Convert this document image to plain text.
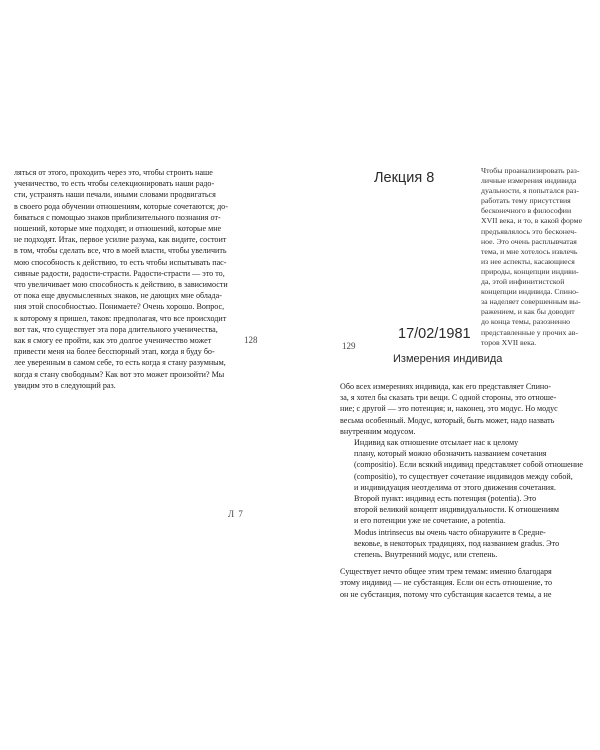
ляться от этого, проходить через это, чтобы строить наше
ученичество, то есть чтобы селекционировать наши радо-
сти, устранять наши печали, иными словами продвигаться
в своего рода обучении отношениям, которые сочетаются; до-
биваться с помощью знаков приблизительного познания от-
ношений, которые мне подходят, и отношений, которые мне
не подходят. Итак, первое усилие разума, как видите, состоит
в том, чтобы сделать все, что в моей власти, чтобы увеличить
мою способность к действию, то есть чтобы испытывать пас-
сивные радости, радости-страсти. Радости-страсти — это то,
что увеличивает мою способность к действию, в зависимости
от пока еще двусмысленных знаков, не дающих мне облада-
ния этой способностью. Понимаете? Очень хорошо. Вопрос,
к которому я пришел, таков: предполагая, что все происходит
вот так, что существует эта пора длительного ученичества,
как я смогу ее пройти, как это долгое ученичество может
привести меня на более бесспорный этап, когда я буду бо-
лее уверенным в самом себе, то есть когда я стану разумным,
когда я стану свободным? Как вот это может произойти? Мы
увидим это в следующий раз.
128
Л 7
129
Лекция 8
17/02/1981
Чтобы проанализировать раз-
личные измерения индивида
дуальности, я попытался раз-
работать тему присутствия
бесконечного в философии
XVII века, и то, в какой форме
предъявлялось это бесконеч-
ное. Это очень расплывчатая
тема, и мне хотелось извлечь
из нее аспекты, касающиеся
природы, концепции индиви-
да, этой инфинитистской
концепции индивида. Спино-
за наделяет совершенным вы-
ражением, и как бы доводит
до конца темы, разозненно
представленные у прочих ав-
торов XVII века.
Измерения индивида

Обо всех измерениях индивида, как его представляет Спино-
за, я хотел бы сказать три вещи. С одной стороны, это отноше-
ние; с другой — это потенция; и, наконец, это модус. Но модус
весьма особенный. Модус, который, быть может, надо назвать
внутренним модусом.

Индивид как отношение отсылает нас к целому
плану, который можно обозначить названием сочетания
(compositio). Если всякий индивид представляет собой отношение
(compositio), то существует сочетание индивидов между собой,
и индивидуация неотделима от этого движения сочетания.

Второй пункт: индивид есть потенция (potentia). Это
второй великий концепт индивидуальности. К отношениям
и его потенции уже не сочетание, а potentia.

Modus intrinsecus вы очень часто обнаружите в Средне-
вековье, в некоторых традициях, под названием gradus. Это
степень. Внутренний модус, или степень.

Существует нечто общее этим трем темам: именно благодаря
этому индивид — не субстанция. Если он есть отношение, то
он не субстанция, потому что субстанция касается темы, а не
